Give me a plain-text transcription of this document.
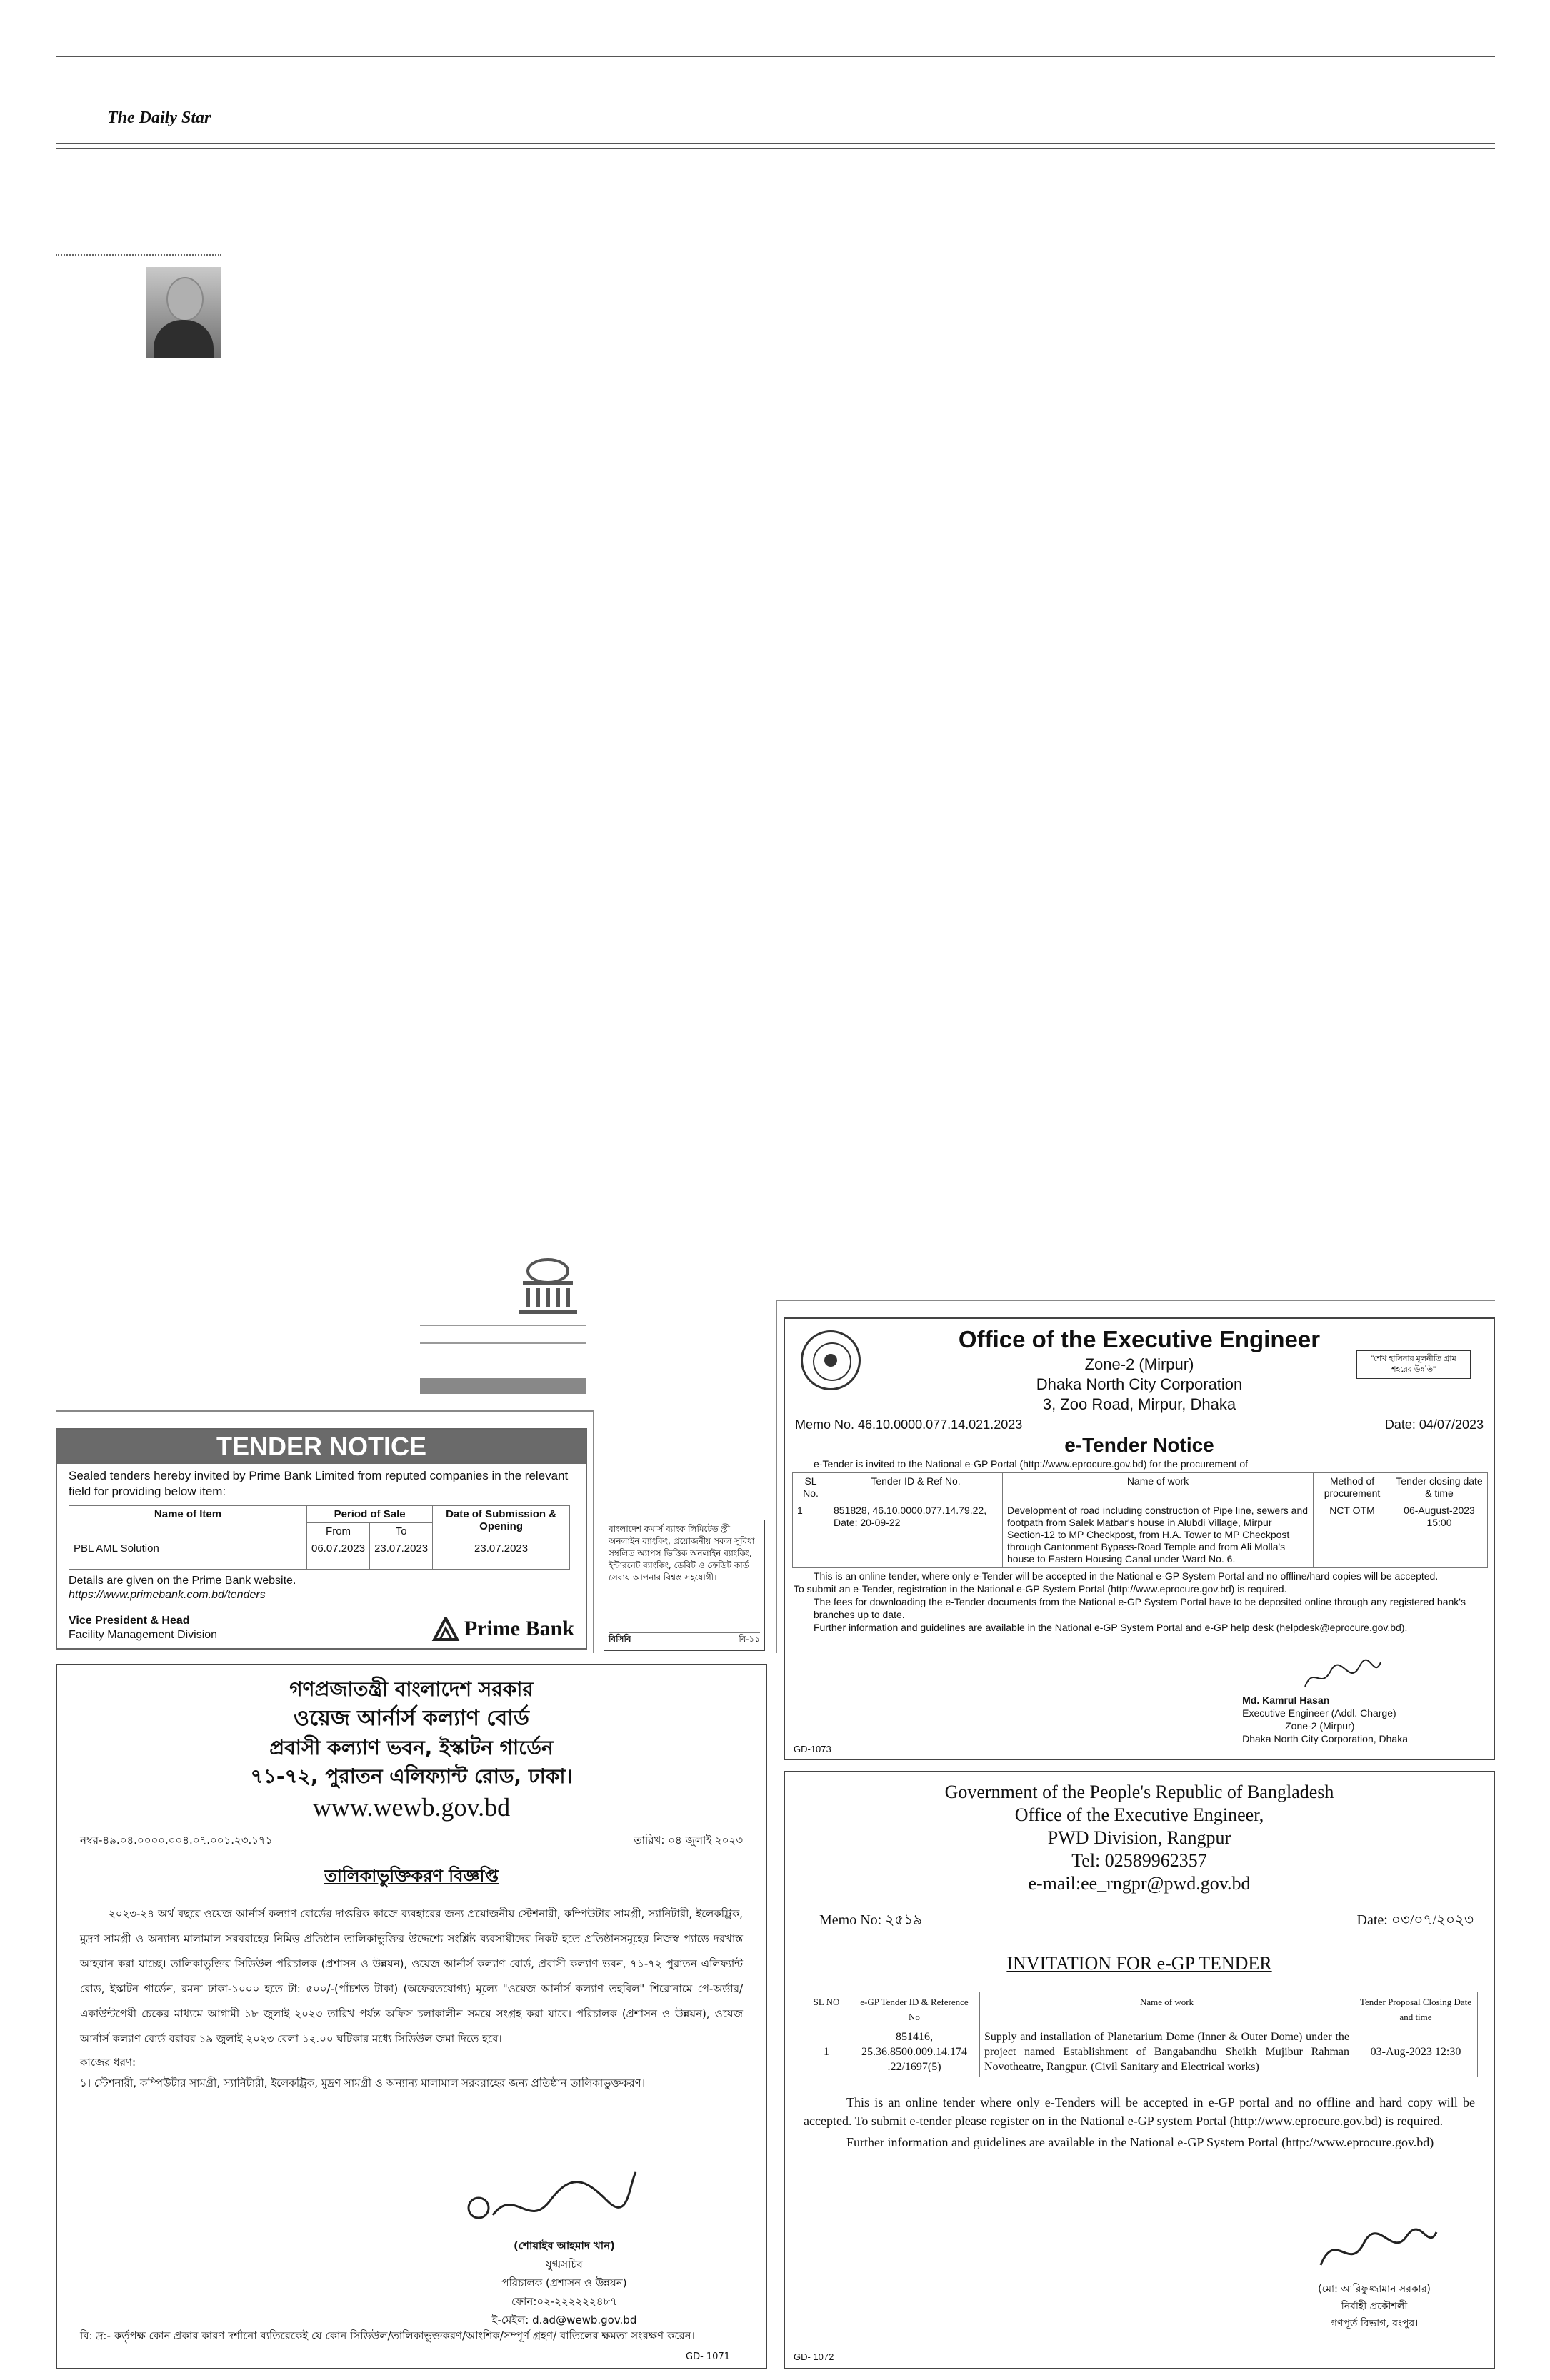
The Daily Star
TENDER NOTICE
Sealed tenders hereby invited by Prime Bank Limited from reputed companies in the relevant field for providing below item:
Name of Item	Period of Sale		Date of Submission & Opening
	From	To	
PBL AML Solution	06.07.2023	23.07.2023	23.07.2023
Details are given on the Prime Bank website.
https://www.primebank.com.bd/tenders
Vice President & Head
Facility Management Division	Prime Bank
বাংলাদেশ কমার্স ব্যাংক লিমিটেড স্ট্রী অনলাইন ব্যাংকিং, প্রয়োজনীয় সকল সুবিধা সম্বলিত অ্যাপস ভিত্তিক অনলাইন ব্যাংকিং, ইন্টারনেট ব্যাংকিং, ডেবিট ও ক্রেডিট কার্ড সেবায় আপনার বিশ্বস্ত সহযোগী।
বিসিবি	বি-১১
Office of the Executive Engineer
Zone-2 (Mirpur)
Dhaka North City Corporation
3, Zoo Road, Mirpur, Dhaka
"শেখ হাসিনার মূলনীতি গ্রাম শহরের উন্নতি"
Memo No. 46.10.0000.077.14.021.2023	Date: 04/07/2023
e-Tender Notice
e-Tender is invited to the National e-GP Portal (http://www.eprocure.gov.bd) for the procurement of
SL No.	Tender ID & Ref No.	Name of work	Method of procurement	Tender closing date & time
1	851828, 46.10.0000.077.14.79.22, Date: 20-09-22	Development of road including construction of Pipe line, sewers and footpath from Salek Matbar's house in Alubdi Village, Mirpur Section-12 to MP Checkpost, from H.A. Tower to MP Checkpost through Cantonment Bypass-Road Temple and from Ali Molla's house to Eastern Housing Canal under Ward No. 6.	NCT OTM	06-August-2023 15:00
This is an online tender, where only e-Tender will be accepted in the National e-GP System Portal and no offline/hard copies will be accepted.
To submit an e-Tender, registration in the National e-GP System Portal (http://www.eprocure.gov.bd) is required.
The fees for downloading the e-Tender documents from the National e-GP System Portal have to be deposited online through any registered bank's branches up to date.
Further information and guidelines are available in the National e-GP System Portal and e-GP help desk (helpdesk@eprocure.gov.bd).
Md. Kamrul Hasan
Executive Engineer (Addl. Charge)
Zone-2 (Mirpur)
Dhaka North City Corporation, Dhaka
GD-1073
গণপ্রজাতন্ত্রী বাংলাদেশ সরকার
ওয়েজ আর্নার্স কল্যাণ বোর্ড
প্রবাসী কল্যাণ ভবন, ইস্কাটন গার্ডেন
৭১-৭২, পুরাতন এলিফ্যান্ট রোড, ঢাকা।
www.wewb.gov.bd
নম্বর-৪৯.০৪.০০০০.০০৪.০৭.০০১.২৩.১৭১	তারিখ: ০৪ জুলাই ২০২৩
তালিকাভুক্তিকরণ বিজ্ঞপ্তি
২০২৩-২৪ অর্থ বছরে ওয়েজ আর্নার্স কল্যাণ বোর্ডের দাপ্তরিক কাজে ব্যবহারের জন্য প্রয়োজনীয় স্টেশনারী, কম্পিউটার সামগ্রী, স্যানিটারী, ইলেকট্রিক, মুদ্রণ সামগ্রী ও অন্যান্য মালামাল সরবরাহের নিমিত্ত প্রতিষ্ঠান তালিকাভুক্তির উদ্দেশ্যে সংশ্লিষ্ট ব্যবসায়ীদের নিকট হতে প্রতিষ্ঠানসমূহের নিজস্ব প্যাডে দরখাস্ত আহবান করা যাচ্ছে। তালিকাভুক্তির সিডিউল পরিচালক (প্রশাসন ও উন্নয়ন), ওয়েজ আর্নার্স কল্যাণ বোর্ড, প্রবাসী কল্যাণ ভবন, ৭১-৭২ পুরাতন এলিফ্যান্ট রোড, ইস্কাটন গার্ডেন, রমনা ঢাকা-১০০০ হতে টা: ৫০০/-(পাঁচশত টাকা) (অফেরতযোগ্য) মূল্যে "ওয়েজ আর্নার্স কল্যাণ তহবিল" শিরোনামে পে-অর্ডার/একাউন্টপেয়ী চেকের মাধ্যমে আগামী ১৮ জুলাই ২০২৩ তারিখ পর্যন্ত অফিস চলাকালীন সময়ে সংগ্রহ করা যাবে। পরিচালক (প্রশাসন ও উন্নয়ন), ওয়েজ আর্নার্স কল্যাণ বোর্ড বরাবর ১৯ জুলাই ২০২৩ বেলা ১২.০০ ঘটিকার মধ্যে সিডিউল জমা দিতে হবে।
কাজের ধরণ:
১। স্টেশনারী, কম্পিউটার সামগ্রী, স্যানিটারী, ইলেকট্রিক, মুদ্রণ সামগ্রী ও অন্যান্য মালামাল সরবরাহের জন্য প্রতিষ্ঠান তালিকাভুক্তকরণ।
(শোয়াইব আহমাদ খান)
যুগ্মসচিব
পরিচালক (প্রশাসন ও উন্নয়ন)
ফোন:০২-২২২২২২৪৮৭
ই-মেইল: d.ad@wewb.gov.bd
বি: দ্র:- কর্তৃপক্ষ কোন প্রকার কারণ দর্শানো ব্যতিরেকেই যে কোন সিডিউল/তালিকাভুক্তকরণ/আংশিক/সম্পূর্ণ গ্রহণ/ বাতিলের ক্ষমতা সংরক্ষণ করেন।
GD- 1071
Government of the People's Republic of Bangladesh
Office of the Executive Engineer,
PWD Division, Rangpur
Tel: 02589962357
e-mail:ee_rngpr@pwd.gov.bd
Memo No: ২৫১৯	Date: ০৩/০৭/২০২৩
INVITATION FOR e-GP TENDER
SL NO	e-GP Tender ID & Reference No	Name of work	Tender Proposal Closing Date and time
1	851416, 25.36.8500.009.14.174 .22/1697(5)	Supply and installation of Planetarium Dome (Inner & Outer Dome) under the project named Establishment of Bangabandhu Sheikh Mujibur Rahman Novotheatre, Rangpur. (Civil Sanitary and Electrical works)	03-Aug-2023 12:30
This is an online tender where only e-Tenders will be accepted in e-GP portal and no offline and hard copy will be accepted. To submit e-tender please register on in the National e-GP system Portal (http://www.eprocure.gov.bd) is required.
Further information and guidelines are available in the National e-GP System Portal (http://www.eprocure.gov.bd)
(মো: আরিফুজ্জামান সরকার)
নির্বাহী প্রকৌশলী
গণপূর্ত বিভাগ, রংপুর।
GD- 1072
